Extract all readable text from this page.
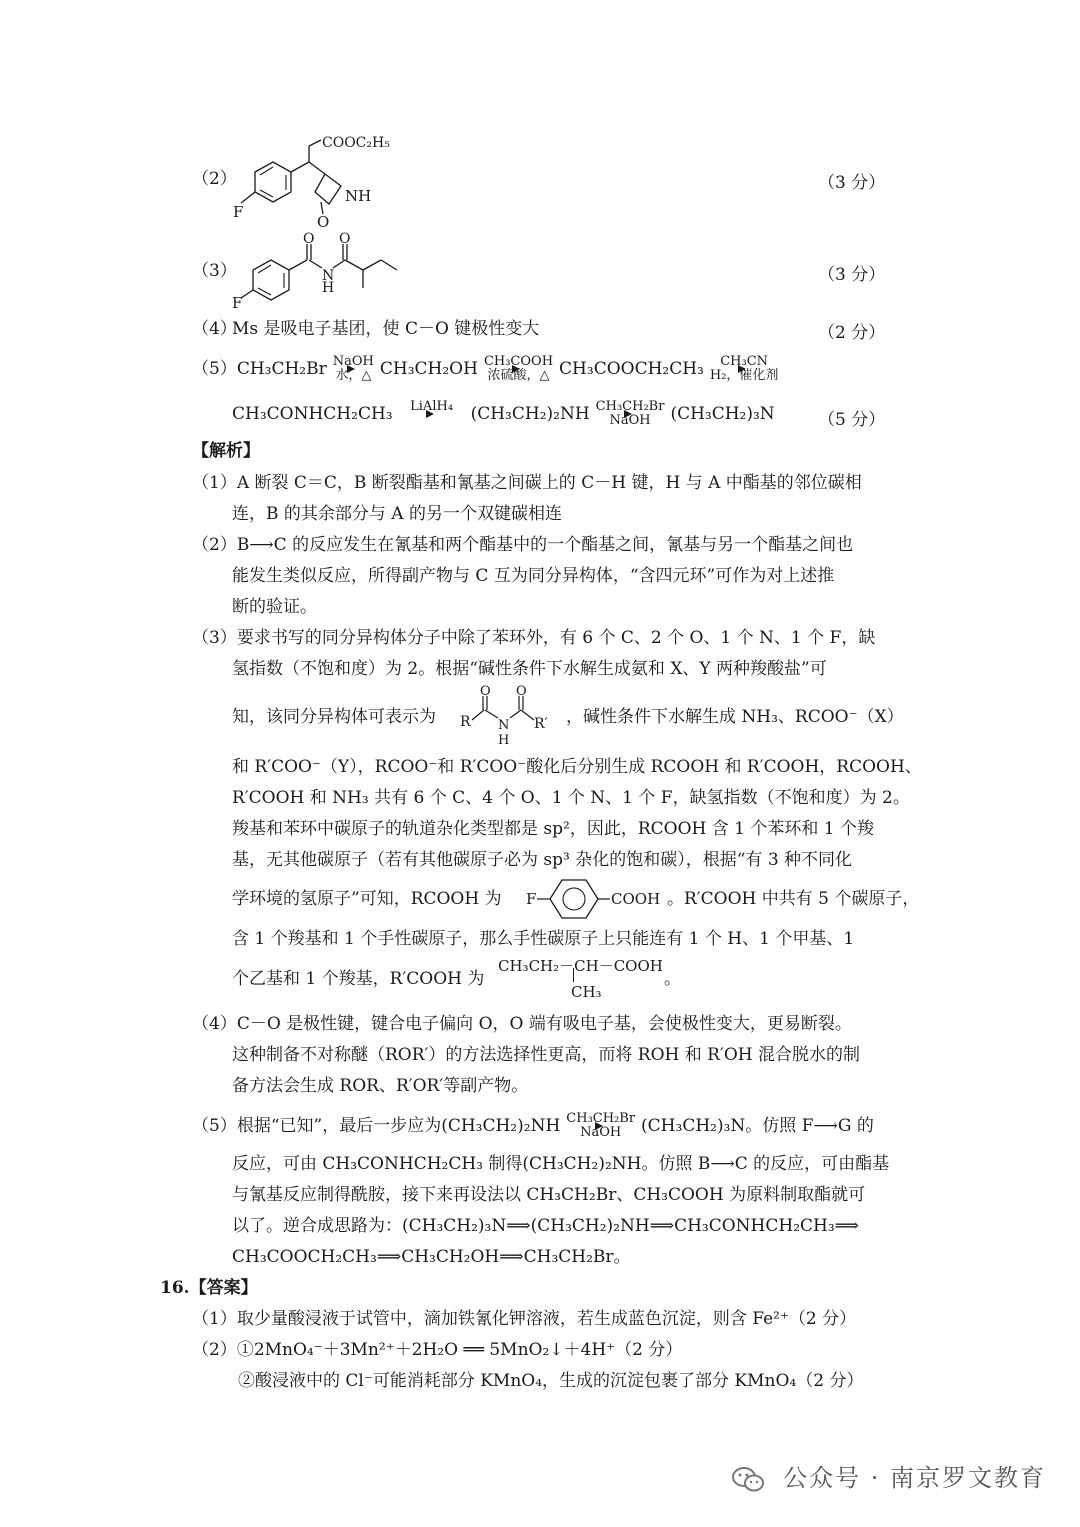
（2）
F
COOC₂H₅
NH
O
（3 分）
（3）
F
O
N
H
O
（3 分）
（4）
Ms 是吸电子基团，使 C－O 键极性变大	（2 分）
（5） CH₃CH₂Br NaOH
水，△ CH₃CH₂OH CH₃COOH
浓硫酸，△ CH₃COOCH₂CH₃	CH₃CN
H₂，催化剂
CH₃CONHCH₂CH₃	LiAlH₄
	(CH₃CH₂)₂NH CH₃CH₂Br
NaOH	(CH₃CH₂)₃N	（5 分）
【解析】
（1）A 断裂 C＝C，B 断裂酯基和氰基之间碳上的 C－H 键，H 与 A 中酯基的邻位碳相
连，B 的其余部分与 A 的另一个双键碳相连
（2）B⟶C 的反应发生在氰基和两个酯基中的一个酯基之间，氰基与另一个酯基之间也
能发生类似反应，所得副产物与 C 互为同分异构体，“含四元环”可作为对上述推
断的验证。
（3）要求书写的同分异构体分子中除了苯环外，有 6 个 C、2 个 O、1 个 N、1 个 F，缺
氢指数（不饱和度）为 2。根据“碱性条件下水解生成氨和 X、Y 两种羧酸盐”可
知，该同分异构体可表示为 R
O
N
H
O
R′ ，碱性条件下水解生成 NH₃、RCOO⁻（X）
和 R′COO⁻（Y），RCOO⁻和 R′COO⁻酸化后分别生成 RCOOH 和 R′COOH，RCOOH、
R′COOH 和 NH₃ 共有 6 个 C、4 个 O、1 个 N、1 个 F，缺氢指数（不饱和度）为 2。
羧基和苯环中碳原子的轨道杂化类型都是 sp²，因此，RCOOH 含 1 个苯环和 1 个羧
基，无其他碳原子（若有其他碳原子必为 sp³ 杂化的饱和碳），根据“有 3 种不同化
学环境的氢原子”可知，RCOOH 为 F	COOH 。R′COOH 中共有 5 个碳原子，
含 1 个羧基和 1 个手性碳原子，那么手性碳原子上只能连有 1 个 H、1 个甲基、1
个乙基和 1 个羧基，R′COOH 为
CH₃CH₂－CH－COOH
CH₃
。
（4）C－O 是极性键，键合电子偏向 O，O 端有吸电子基，会使极性变大，更易断裂。
这种制备不对称醚（ROR′）的方法选择性更高，而将 ROH 和 R′OH 混合脱水的制
备方法会生成 ROR、R′OR′等副产物。
（5）根据“已知”，最后一步应为(CH₃CH₂)₂NH CH₃CH₂Br
NaOH	(CH₃CH₂)₃N。仿照 F⟶G 的
反应，可由 CH₃CONHCH₂CH₃ 制得(CH₃CH₂)₂NH。仿照 B⟶C 的反应，可由酯基
与氰基反应制得酰胺，接下来再设法以 CH₃CH₂Br、CH₃COOH 为原料制取酯就可
以了。逆合成思路为：(CH₃CH₂)₃N⟹(CH₃CH₂)₂NH⟹CH₃CONHCH₂CH₃⟹
CH₃COOCH₂CH₃⟹CH₃CH₂OH⟹CH₃CH₂Br。
16.【答案】
（1）取少量酸浸液于试管中，滴加铁氰化钾溶液，若生成蓝色沉淀，则含 Fe²⁺（2 分）
（2）①2MnO₄⁻＋3Mn²⁺＋2H₂O ══ 5MnO₂↓＋4H⁺（2 分）
②酸浸液中的 Cl⁻可能消耗部分 KMnO₄，生成的沉淀包裹了部分 KMnO₄（2 分）
公众号 · 南京罗文教育
